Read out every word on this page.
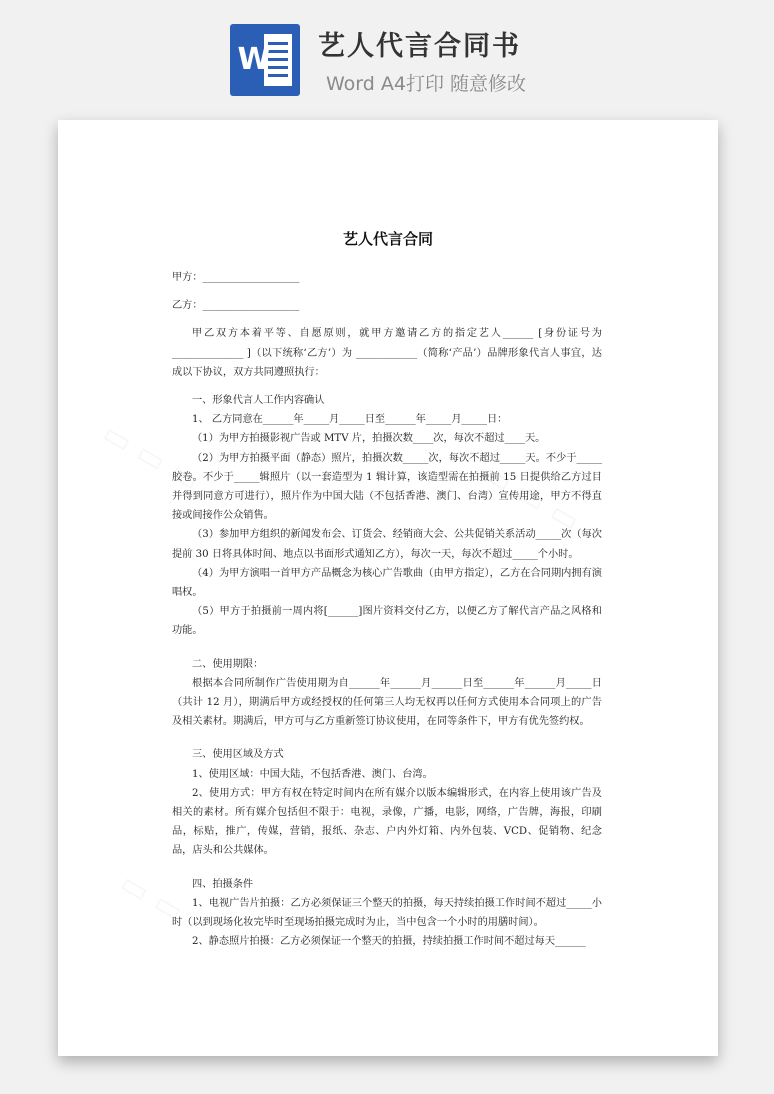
W 艺人代言合同书
Word A4打印 随意修改
艺人代言合同

甲方：___________________

乙方：___________________

甲乙双方本着平等、自愿原则，就甲方邀请乙方的指定艺人______ [身份证号为______________ ]（以下统称‘乙方’）为 ____________（简称‘产品’）品牌形象代言人事宜，达成以下协议，双方共同遵照执行：

一、形象代言人工作内容确认

1、 乙方同意在______年_____月_____日至______年_____月_____日：

（1）为甲方拍摄影视广告或 MTV 片，拍摄次数____次，每次不超过____天。

（2）为甲方拍摄平面（静态）照片，拍摄次数_____次，每次不超过_____天。不少于_____胶卷。不少于_____辑照片（以一套造型为 1 辑计算，该造型需在拍摄前 15 日提供给乙方过目并得到同意方可进行），照片作为中国大陆（不包括香港、澳门、台湾）宣传用途，甲方不得直接或间接作公众销售。

（3）参加甲方组织的新闻发布会、订货会、经销商大会、公共促销关系活动_____次（每次提前 30 日将具体时间、地点以书面形式通知乙方），每次一天，每次不超过_____个小时。

（4）为甲方演唱一首甲方产品概念为核心广告歌曲（由甲方指定），乙方在合同期内拥有演唱权。

（5）甲方于拍摄前一周内将[______]图片资料交付乙方，以便乙方了解代言产品之风格和功能。

二、使用期限：

根据本合同所制作广告使用期为自______年______月______日至______年______月_____日（共计 12 月），期满后甲方或经授权的任何第三人均无权再以任何方式使用本合同项上的广告及相关素材。期满后，甲方可与乙方重新签订协议使用，在同等条件下，甲方有优先签约权。

三、使用区域及方式

1、使用区域：中国大陆，不包括香港、澳门、台湾。

2、使用方式：甲方有权在特定时间内在所有媒介以版本编辑形式，在内容上使用该广告及相关的素材。所有媒介包括但不限于：电视，录像，广播，电影，网络，广告牌，海报，印刷品，标贴，推广，传媒，营销，报纸、杂志、户内外灯箱、内外包装、VCD、促销物、纪念品，店头和公共媒体。

四、拍摄条件

1、电视广告片拍摄：乙方必须保证三个整天的拍摄，每天持续拍摄工作时间不超过_____小时（以到现场化妆完毕时至现场拍摄完成时为止，当中包含一个小时的用膳时间）。

2、静态照片拍摄：乙方必须保证一个整天的拍摄，持续拍摄工作时间不超过每天______
